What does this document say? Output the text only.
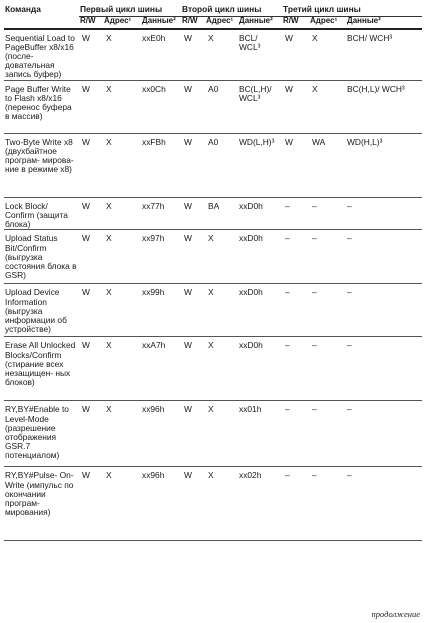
Команда	Первый цикл шины			Второй цикл шины			Третий цикл шины		
	R/W	Адрес¹	Данные²	R/W	Адрес¹	Данные²	R/W	Адрес¹	Данные²
Sequential Load to PageBuffer x8/x16 (после- довательная запись буфер)	W	X	xxE0h	W	X	BCL/ WCL³	W	X	BCH/ WCH³
Page Buffer Write to Flash x8/x16 (перенос буфера в массив)	W	X	xx0Ch	W	A0	BC(L,H)/ WCL³	W	X	BC(H,L)/ WCH³
Two-Byte Write x8 (двухбайтное програм- мирова- ние в режиме x8)	W	X	xxFBh	W	A0	WD(L,H)³	W	WA	WD(H,L)³
Lock Block/ Confirm (защита блока)	W	X	xx77h	W	BA	xxD0h	–	–	–
Upload Status Bit/Confirm (выгрузка состояния блока в GSR)	W	X	xx97h	W	X	xxD0h	–	–	–
Upload Device Information (выгрузка информации об устройстве)	W	X	xx99h	W	X	xxD0h	–	–	–
Erase All Unlocked Blocks/Confirm (стирание всех незащищен- ных блоков)	W	X	xxA7h	W	X	xxD0h	–	–	–
RY,BY#Enable to Level-Mode (разрешение отображения GSR.7 потенциалом)	W	X	xx96h	W	X	xx01h	–	–	–
RY,BY#Pulse- On-Write (импульс по окончании програм- мирования)	W	X	xx96h	W	X	xx02h	–	–	–
продолжение
